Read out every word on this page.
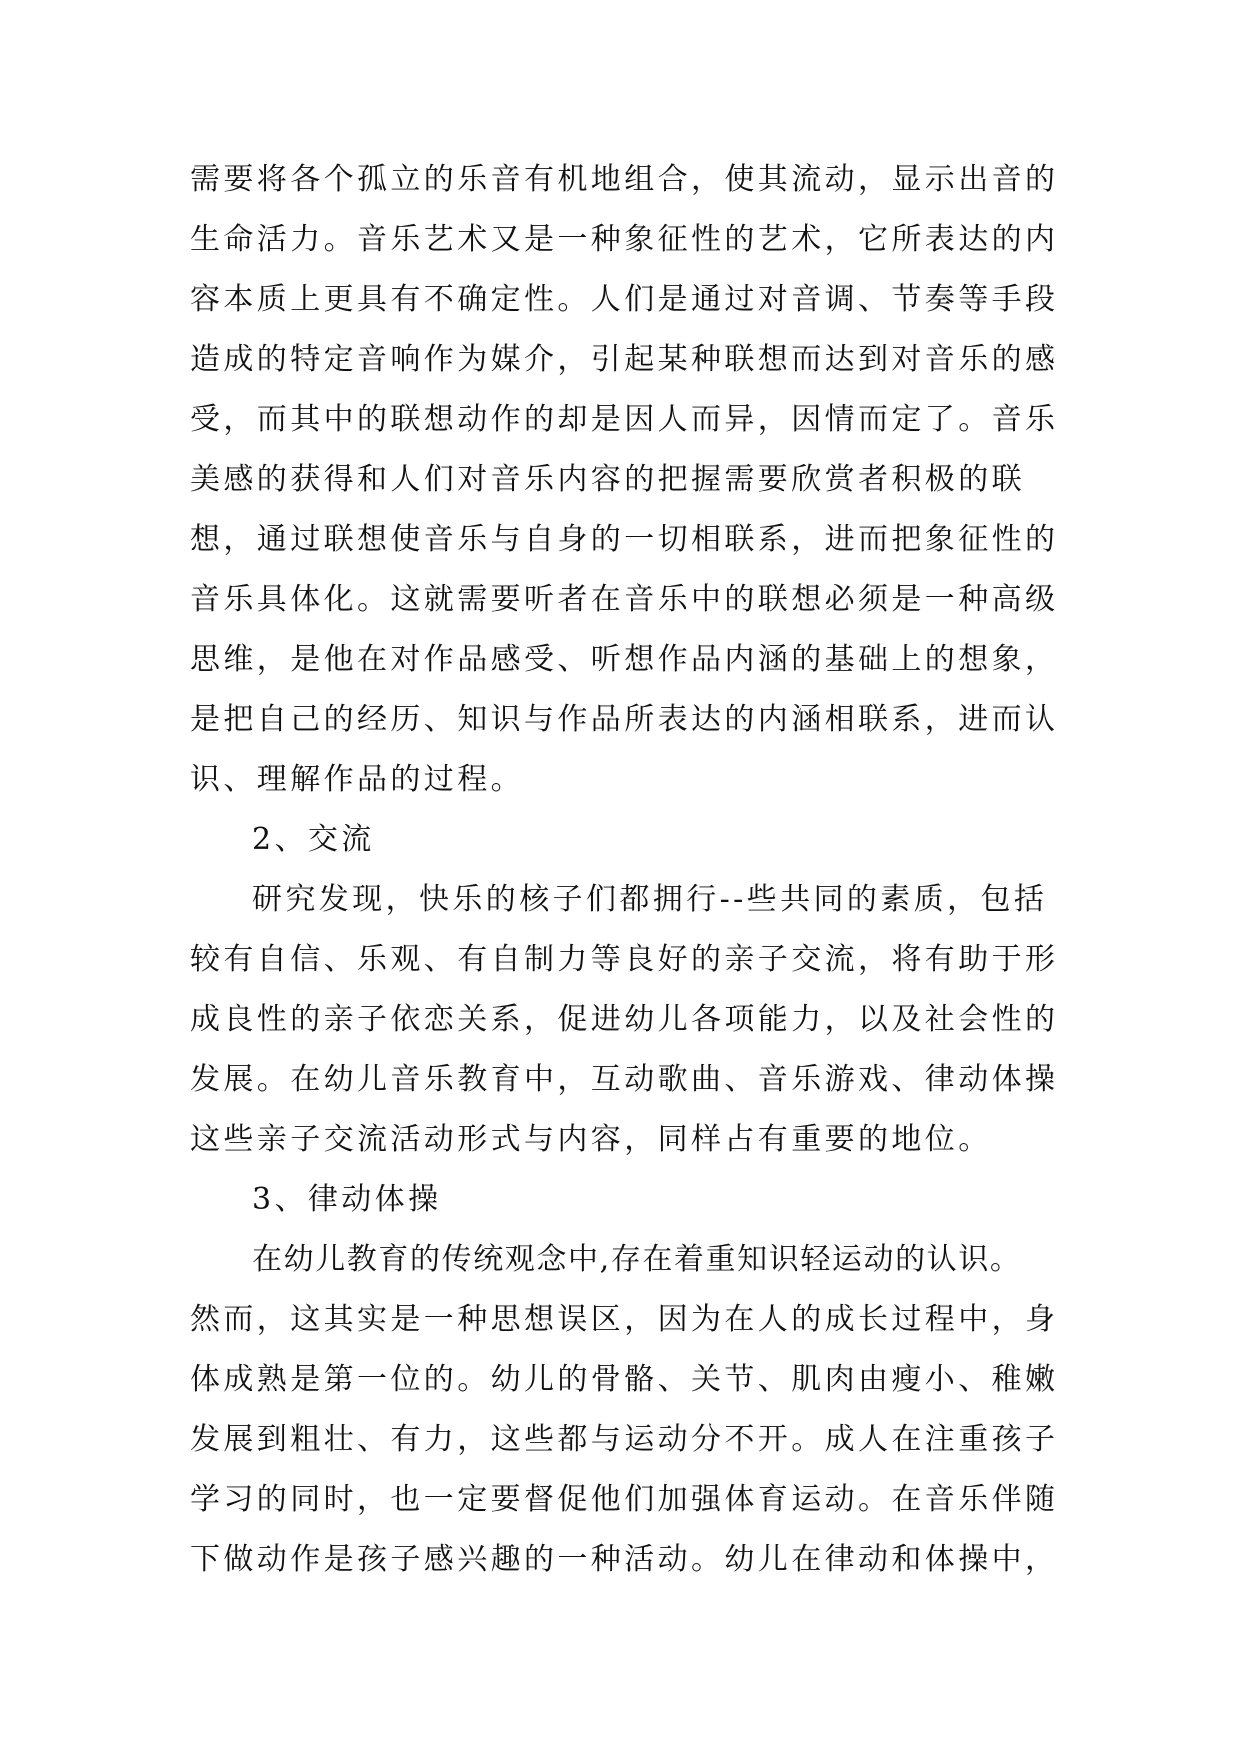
需要将各个孤立的乐音有机地组合，使其流动，显示出音的
生命活力。音乐艺术又是一种象征性的艺术，它所表达的内
容本质上更具有不确定性。人们是通过对音调、节奏等手段
造成的特定音响作为媒介，引起某种联想而达到对音乐的感
受，而其中的联想动作的却是因人而异，因情而定了。音乐
美感的获得和人们对音乐内容的把握需要欣赏者积极的联
想，通过联想使音乐与自身的一切相联系，进而把象征性的
音乐具体化。这就需要听者在音乐中的联想必须是一种高级
思维，是他在对作品感受、听想作品内涵的基础上的想象，
是把自己的经历、知识与作品所表达的内涵相联系，进而认
识、理解作品的过程。
2、交流
研究发现，快乐的核子们都拥行--些共同的素质，包括
较有自信、乐观、有自制力等良好的亲子交流，将有助于形
成良性的亲子依恋关系，促进幼儿各项能力，以及社会性的
发展。在幼儿音乐教育中，互动歌曲、音乐游戏、律动体操
这些亲子交流活动形式与内容，同样占有重要的地位。
3、律动体操
在幼儿教育的传统观念中,存在着重知识轻运动的认识。
然而，这其实是一种思想误区，因为在人的成长过程中，身
体成熟是第一位的。幼儿的骨骼、关节、肌肉由瘦小、稚嫩
发展到粗壮、有力，这些都与运动分不开。成人在注重孩子
学习的同时，也一定要督促他们加强体育运动。在音乐伴随
下做动作是孩子感兴趣的一种活动。幼儿在律动和体操中，
